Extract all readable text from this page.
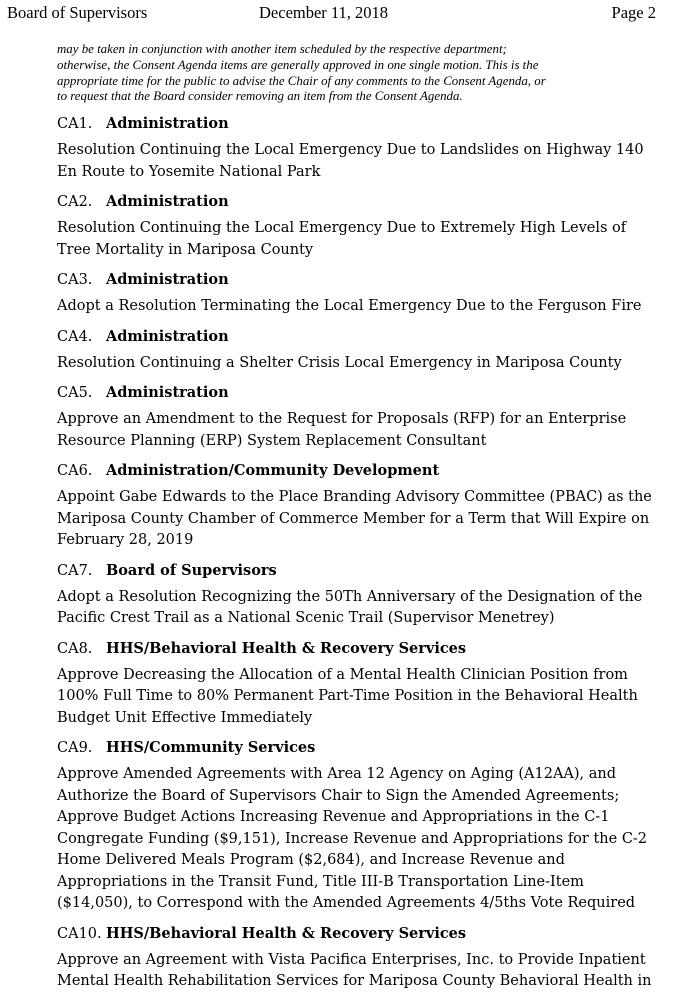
Board of Supervisors	December 11, 2018	Page 2
may be taken in conjunction with another item scheduled by the respective department;
otherwise, the Consent Agenda items are generally approved in one single motion. This is the
appropriate time for the public to advise the Chair of any comments to the Consent Agenda, or
to request that the Board consider removing an item from the Consent Agenda.
CA1. Administration
Resolution Continuing the Local Emergency Due to Landslides on Highway 140
En Route to Yosemite National Park
CA2. Administration
Resolution Continuing the Local Emergency Due to Extremely High Levels of
Tree Mortality in Mariposa County
CA3. Administration
Adopt a Resolution Terminating the Local Emergency Due to the Ferguson Fire
CA4. Administration
Resolution Continuing a Shelter Crisis Local Emergency in Mariposa County
CA5. Administration
Approve an Amendment to the Request for Proposals (RFP) for an Enterprise
Resource Planning (ERP) System Replacement Consultant
CA6. Administration/Community Development
Appoint Gabe Edwards to the Place Branding Advisory Committee (PBAC) as the
Mariposa County Chamber of Commerce Member for a Term that Will Expire on
February 28, 2019
CA7. Board of Supervisors
Adopt a Resolution Recognizing the 50Th Anniversary of the Designation of the
Pacific Crest Trail as a National Scenic Trail (Supervisor Menetrey)
CA8. HHS/Behavioral Health & Recovery Services
Approve Decreasing the Allocation of a Mental Health Clinician Position from
100% Full Time to 80% Permanent Part-Time Position in the Behavioral Health
Budget Unit Effective Immediately
CA9. HHS/Community Services
Approve Amended Agreements with Area 12 Agency on Aging (A12AA), and
Authorize the Board of Supervisors Chair to Sign the Amended Agreements;
Approve Budget Actions Increasing Revenue and Appropriations in the C-1
Congregate Funding ($9,151), Increase Revenue and Appropriations for the C-2
Home Delivered Meals Program ($2,684), and Increase Revenue and
Appropriations in the Transit Fund, Title III-B Transportation Line-Item
($14,050), to Correspond with the Amended Agreements 4/5ths Vote Required
CA10. HHS/Behavioral Health & Recovery Services
Approve an Agreement with Vista Pacifica Enterprises, Inc. to Provide Inpatient
Mental Health Rehabilitation Services for Mariposa County Behavioral Health in
